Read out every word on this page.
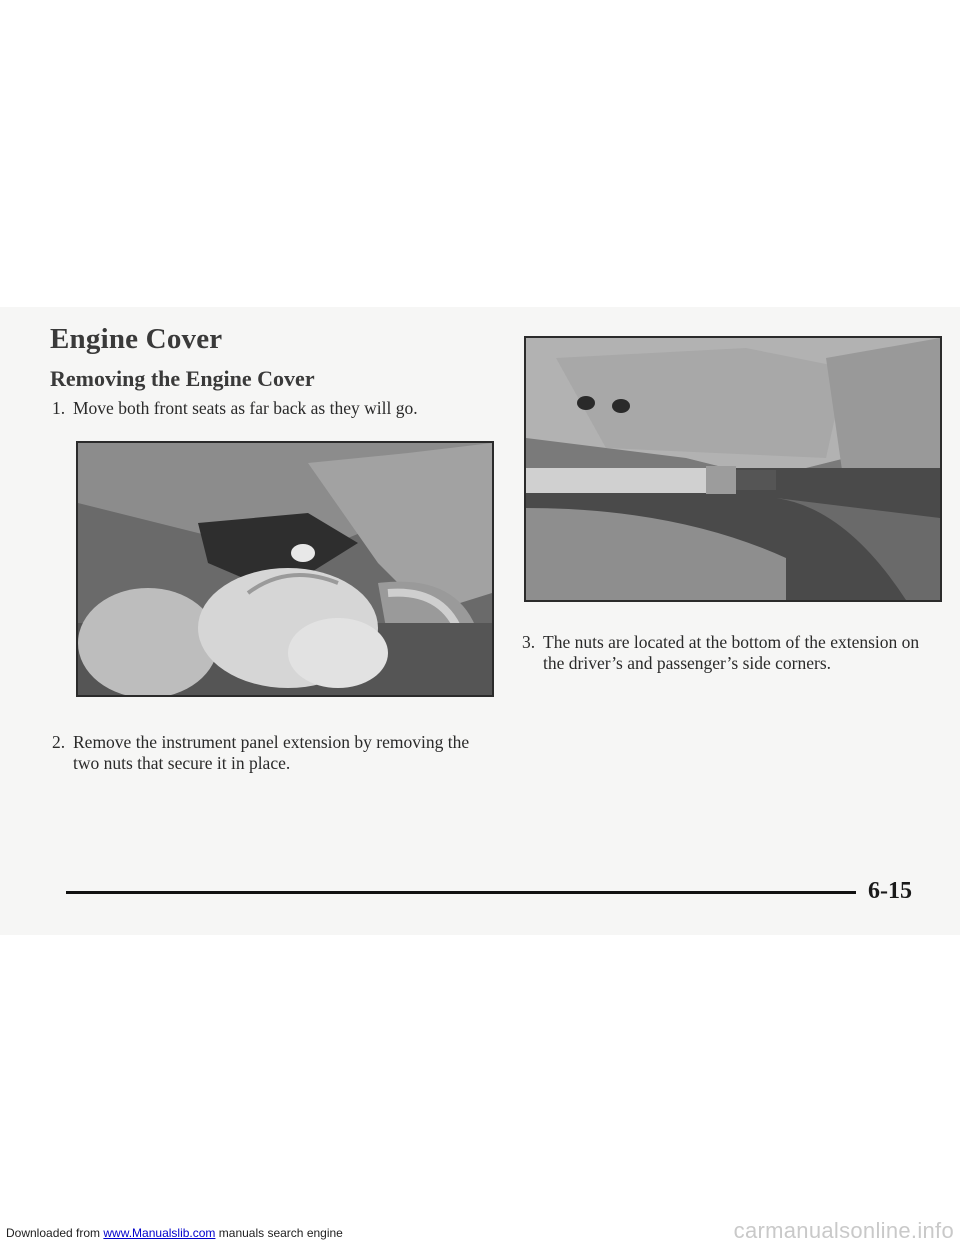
Engine Cover
Removing the Engine Cover
1. Move both front seats as far back as they will go.
2. Remove the instrument panel extension by removing the two nuts that secure it in place.
3. The nuts are located at the bottom of the extension on the driver’s and passenger’s side corners.
6-15
Downloaded from www.Manualslib.com manuals search engine	carmanualsonline.info
